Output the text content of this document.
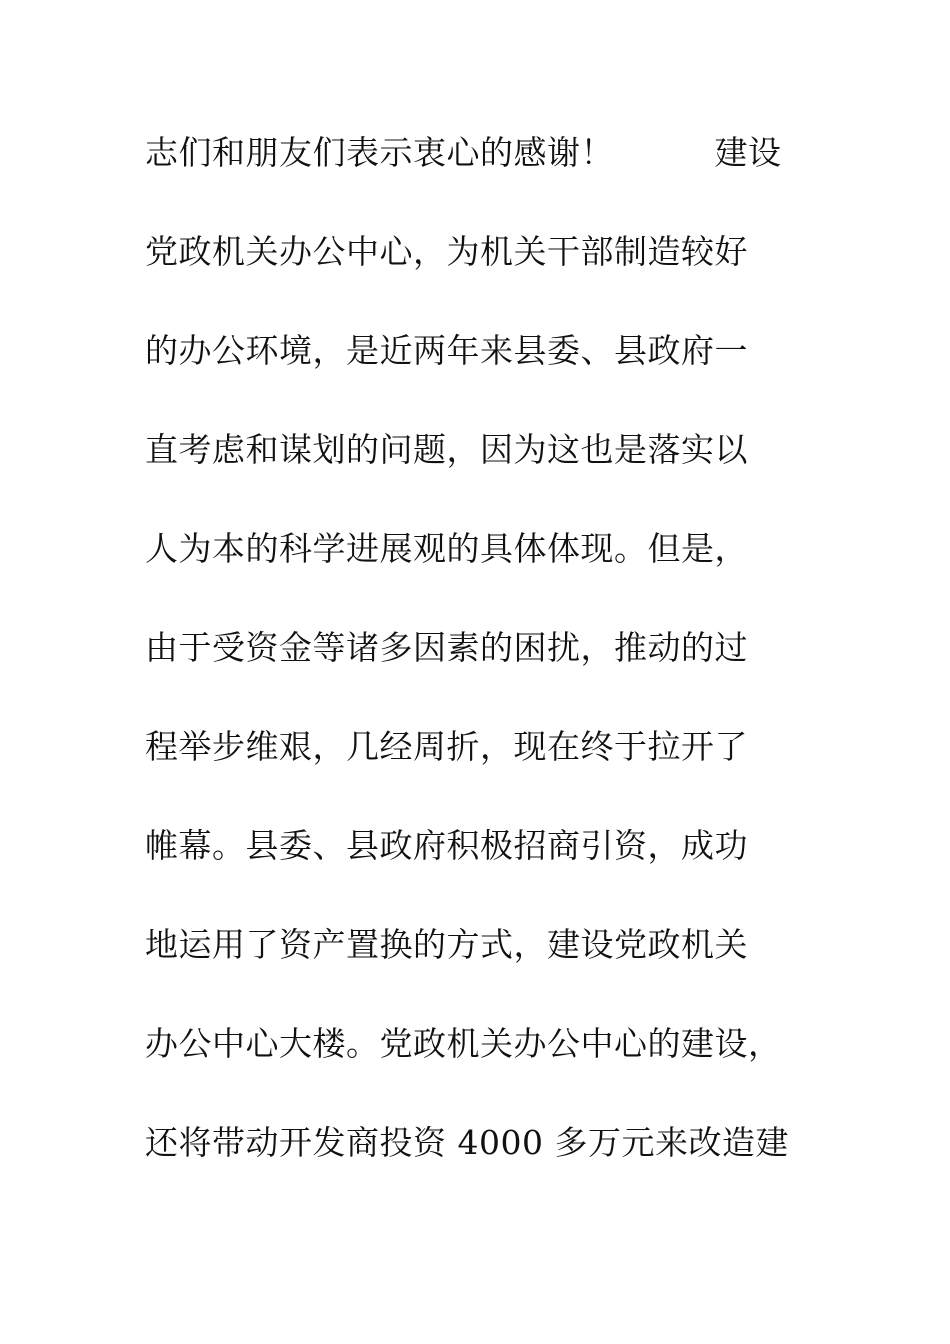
志们和朋友们表示衷心的感谢！　　　建设
党政机关办公中心，为机关干部制造较好
的办公环境，是近两年来县委、县政府一
直考虑和谋划的问题，因为这也是落实以
人为本的科学进展观的具体体现。但是，
由于受资金等诸多因素的困扰，推动的过
程举步维艰，几经周折，现在终于拉开了
帷幕。县委、县政府积极招商引资，成功
地运用了资产置换的方式，建设党政机关
办公中心大楼。党政机关办公中心的建设，
还将带动开发商投资 4000 多万元来改造建
